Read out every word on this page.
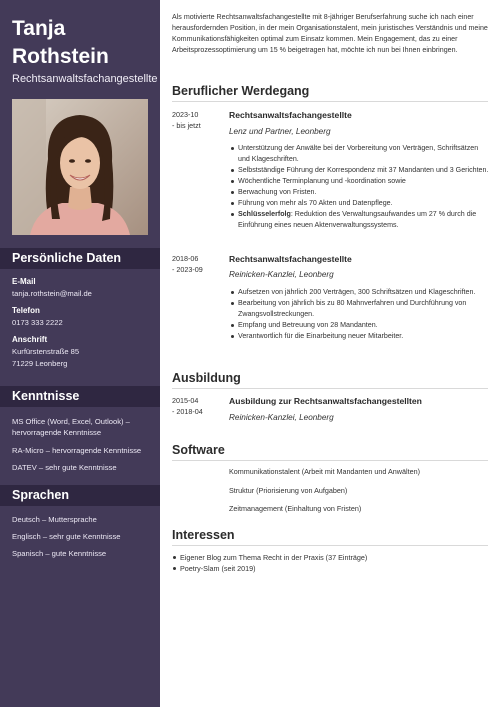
Tanja
Rothstein
Rechtsanwaltsfachangestellte
Persönliche Daten
E-Mail
tanja.rothstein@mail.de
Telefon
0173 333 2222
Anschrift
Kurfürstenstraße 85
71229 Leonberg
Kenntnisse
MS Office (Word, Excel, Outlook) – hervorragende Kenntnisse
RA-Micro – hervorragende Kenntnisse
DATEV – sehr gute Kenntnisse
Sprachen
Deutsch – Muttersprache
Englisch – sehr gute Kenntnisse
Spanisch – gute Kenntnisse
Als motivierte Rechtsanwaltsfachangestellte mit 8-jähriger Berufserfahrung suche ich nach einer herausfordernden Position, in der mein Organisationstalent, mein juristisches Verständnis und meine Kommunikationsfähigkeiten optimal zum Einsatz kommen. Mein Engagement, das zu einer Arbeitsprozessoptimierung um 15 % beigetragen hat, möchte ich nun bei Ihnen einbringen.
Beruflicher Werdegang
2023-10
- bis jetzt
Rechtsanwaltsfachangestellte
Lenz und Partner, Leonberg
Unterstützung der Anwälte bei der Vorbereitung von Verträgen, Schriftsätzen und Klageschriften.
Selbstständige Führung der Korrespondenz mit 37 Mandanten und 3 Gerichten.
Wöchentliche Terminplanung und -koordination sowie
Berwachung von Fristen.
Führung von mehr als 70 Akten und Datenpflege.
Schlüsselerfolg: Reduktion des Verwaltungsaufwandes um 27 % durch die Einführung eines neuen Aktenverwaltungssystems.
2018-06
- 2023-09
Rechtsanwaltsfachangestellte
Reinicken-Kanzlei, Leonberg
Aufsetzen von jährlich 200 Verträgen, 300 Schriftsätzen und Klageschriften.
Bearbeitung von jährlich bis zu 80 Mahnverfahren und Durchführung von Zwangsvollstreckungen.
Empfang und Betreuung von 28 Mandanten.
Verantwortlich für die Einarbeitung neuer Mitarbeiter.
Ausbildung
2015-04
- 2018-04
Ausbildung zur Rechtsanwaltsfachangestellten
Reinicken-Kanzlei, Leonberg
Software
Kommunikationstalent (Arbeit mit Mandanten und Anwälten)
Struktur (Priorisierung von Aufgaben)
Zeitmanagement (Einhaltung von Fristen)
Interessen
Eigener Blog zum Thema Recht in der Praxis (37 Einträge)
Poetry-Slam (seit 2019)
